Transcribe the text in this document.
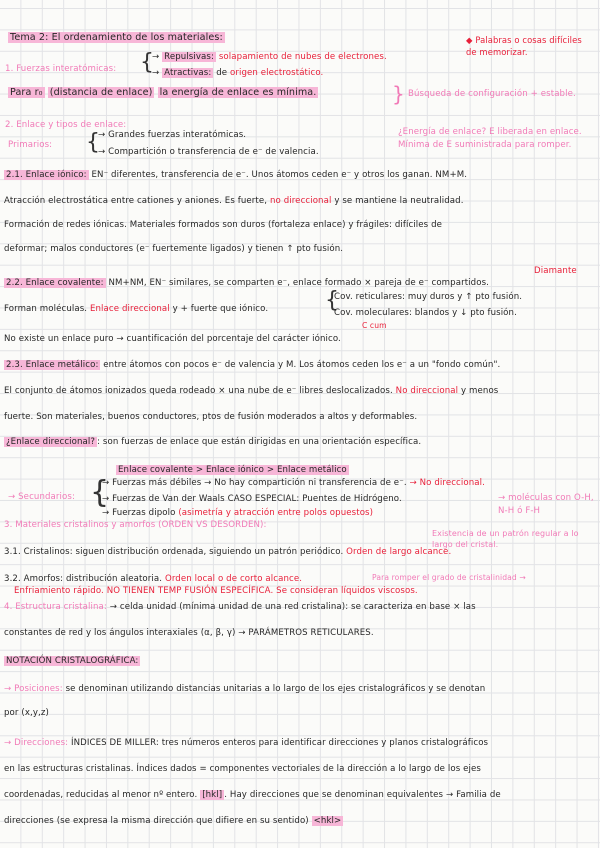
Tema 2: El ordenamiento de los materiales:	◆ Palabras o cosas difíciles de memorizar.
1. Fuerzas interatómicas: {
→ Repulsivas: solapamiento de nubes de electrones.
→ Atractivas: de origen electrostático.
Para r₀ (distancia de enlace) la energía de enlace es mínima.	} Búsqueda de configuración + estable.
2. Enlace y tipos de enlace:
Primarios: {
→ Grandes fuerzas interatómicas.
→ Compartición o transferencia de e⁻ de valencia.
¿Energía de enlace? E liberada en enlace. Mínima de E suministrada para romper.
2.1. Enlace iónico: EN⁻ diferentes, transferencia de e⁻. Unos átomos ceden e⁻ y otros los ganan. NM+M.
Atracción electrostática entre cationes y aniones. Es fuerte, no direccional y se mantiene la neutralidad.
Formación de redes iónicas. Materiales formados son duros (fortaleza enlace) y frágiles: difíciles de
deformar; malos conductores (e⁻ fuertemente ligados) y tienen ↑ pto fusión.
2.2. Enlace covalente: NM+NM, EN⁻ similares, se comparten e⁻, enlace formado × pareja de e⁻ compartidos.
Diamante
Forman moléculas. Enlace direccional y + fuerte que iónico.	{
Cov. reticulares: muy duros y ↑ pto fusión.
Cov. moleculares: blandos y ↓ pto fusión.
C cum
No existe un enlace puro → cuantificación del porcentaje del carácter iónico.
2.3. Enlace metálico: entre átomos con pocos e⁻ de valencia y M. Los átomos ceden los e⁻ a un "fondo común".
El conjunto de átomos ionizados queda rodeado × una nube de e⁻ libres deslocalizados. No direccional y menos
fuerte. Son materiales, buenos conductores, ptos de fusión moderados a altos y deformables.
¿Enlace direccional? : son fuerzas de enlace que están dirigidas en una orientación específica.
Enlace covalente > Enlace iónico > Enlace metálico
→ Secundarios: {
→ Fuerzas más débiles → No hay compartición ni transferencia de e⁻. → No direccional.
→ Fuerzas de Van der Waals CASO ESPECIAL: Puentes de Hidrógeno.	→ moléculas con O-H, N-H ó F-H
→ Fuerzas dipolo (asimetría y atracción entre polos opuestos)
3. Materiales cristalinos y amorfos (ORDEN VS DESORDEN):
Existencia de un patrón regular a lo largo del cristal.
3.1. Cristalinos: siguen distribución ordenada, siguiendo un patrón periódico. Orden de largo alcance.
3.2. Amorfos: distribución aleatoria. Orden local o de corto alcance.	Para romper el grado de cristalinidad →
Enfriamiento rápido. NO TIENEN TEMP FUSIÓN ESPECÍFICA. Se consideran líquidos viscosos.
4. Estructura cristalina: → celda unidad (mínima unidad de una red cristalina): se caracteriza en base × las
constantes de red y los ángulos interaxiales (α, β, γ) → PARÁMETROS RETICULARES.
NOTACIÓN CRISTALOGRÁFICA:
→ Posiciones: se denominan utilizando distancias unitarias a lo largo de los ejes cristalográficos y se denotan
por (x,y,z)
→ Direcciones: ÍNDICES DE MILLER: tres números enteros para identificar direcciones y planos cristalográficos
en las estructuras cristalinas. Índices dados = componentes vectoriales de la dirección a lo largo de los ejes
coordenadas, reducidas al menor nº entero. [hkl] . Hay direcciones que se denominan equivalentes → Familia de
direcciones (se expresa la misma dirección que difiere en su sentido) <hkl>
